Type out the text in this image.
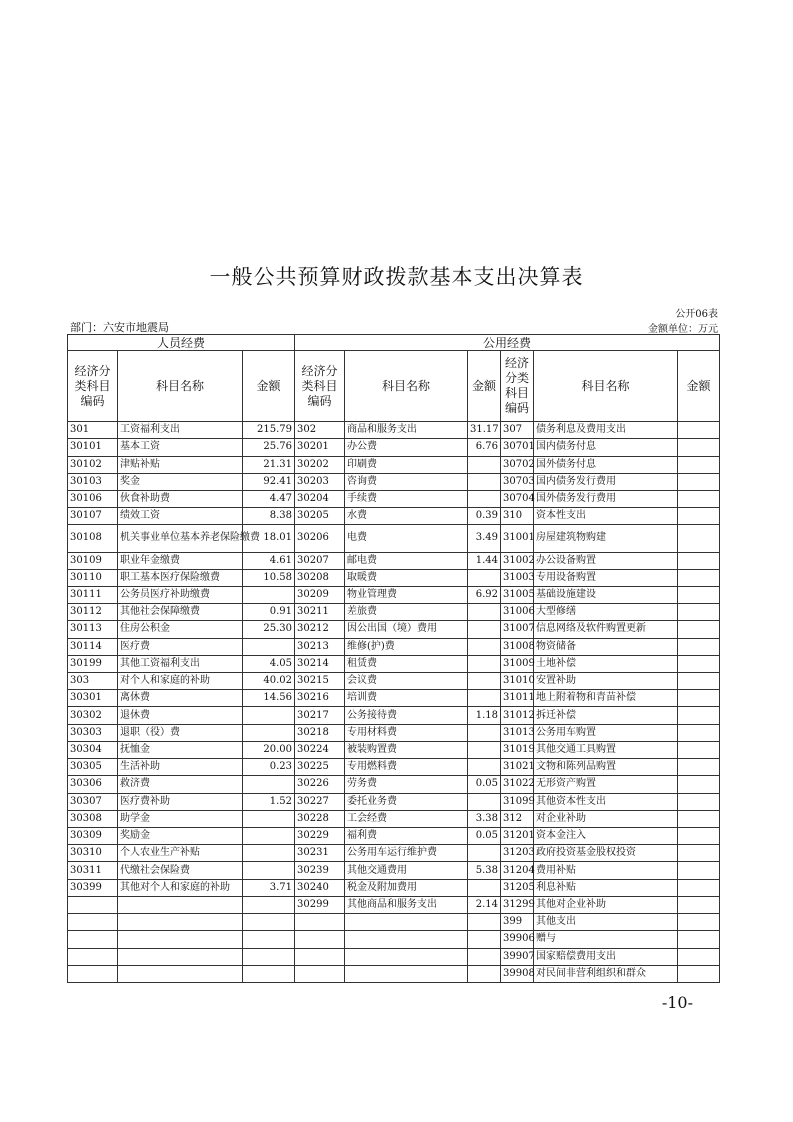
一般公共预算财政拨款基本支出决算表
公开06表
部门：六安市地震局	金额单位：万元
人员经费			公用经费					
经济分类科目编码	科目名称	金额	经济分类科目编码	科目名称	金额	经济分类科目编码	科目名称	金额
301	工资福利支出	215.79	302	商品和服务支出	31.17	307	债务利息及费用支出	
30101	基本工资	25.76	30201	办公费	6.76	30701	国内债务付息	
30102	津贴补贴	21.31	30202	印刷费		30702	国外债务付息	
30103	奖金	92.41	30203	咨询费		30703	国内债务发行费用	
30106	伙食补助费	4.47	30204	手续费		30704	国外债务发行费用	
30107	绩效工资	8.38	30205	水费	0.39	310	资本性支出	
30108	机关事业单位基本养老保险缴费	18.01	30206	电费	3.49	31001	房屋建筑物购建	
30109	职业年金缴费	4.61	30207	邮电费	1.44	31002	办公设备购置	
30110	职工基本医疗保险缴费	10.58	30208	取暖费		31003	专用设备购置	
30111	公务员医疗补助缴费		30209	物业管理费	6.92	31005	基础设施建设	
30112	其他社会保障缴费	0.91	30211	差旅费		31006	大型修缮	
30113	住房公积金	25.30	30212	因公出国（境）费用		31007	信息网络及软件购置更新	
30114	医疗费		30213	维修(护)费		31008	物资储备	
30199	其他工资福利支出	4.05	30214	租赁费		31009	土地补偿	
303	对个人和家庭的补助	40.02	30215	会议费		31010	安置补助	
30301	离休费	14.56	30216	培训费		31011	地上附着物和青苗补偿	
30302	退休费		30217	公务接待费	1.18	31012	拆迁补偿	
30303	退职（役）费		30218	专用材料费		31013	公务用车购置	
30304	抚恤金	20.00	30224	被装购置费		31019	其他交通工具购置	
30305	生活补助	0.23	30225	专用燃料费		31021	文物和陈列品购置	
30306	救济费		30226	劳务费	0.05	31022	无形资产购置	
30307	医疗费补助	1.52	30227	委托业务费		31099	其他资本性支出	
30308	助学金		30228	工会经费	3.38	312	对企业补助	
30309	奖励金		30229	福利费	0.05	31201	资本金注入	
30310	个人农业生产补贴		30231	公务用车运行维护费		31203	政府投资基金股权投资	
30311	代缴社会保险费		30239	其他交通费用	5.38	31204	费用补贴	
30399	其他对个人和家庭的补助	3.71	30240	税金及附加费用		31205	利息补贴	
			30299	其他商品和服务支出	2.14	31299	其他对企业补助	
						399	其他支出	
						39906	赠与	
						39907	国家赔偿费用支出	
						39908	对民间非营利组织和群众	
-10-
